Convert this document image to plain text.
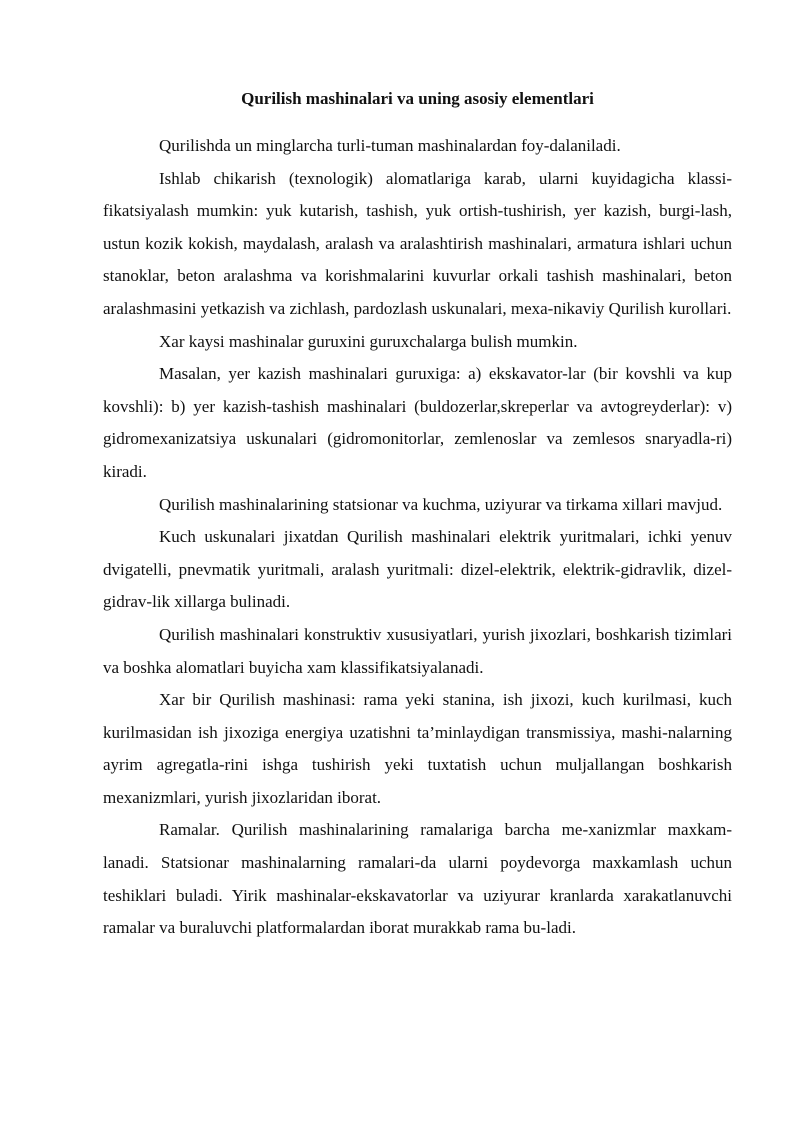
Qurilish mashinalari va uning asosiy elementlari

Qurilishda un minglarcha turli-tuman mashinalardan foy-dalaniladi.

Ishlab chikarish (texnologik) alomatlariga karab, ularni kuyidagicha klassi-fikatsiyalash mumkin: yuk kutarish, tashish, yuk ortish-tushirish, yer kazish, burgi-lash, ustun kozik kokish, maydalash, aralash va aralashtirish mashinalari, armatura ishlari uchun stanoklar, beton aralashma va korishmalarini kuvurlar orkali tashish mashinalari, beton aralashmasini yetkazish va zichlash, pardozlash uskunalari, mexa-nikaviy Qurilish kurollari.

Xar kaysi mashinalar guruxini guruxchalarga bulish mumkin.

Masalan, yer kazish mashinalari guruxiga: a) ekskavator-lar (bir kovshli va kup kovshli): b) yer kazish-tashish mashinalari (buldozerlar,skreperlar va avtogreyderlar): v) gidromexanizatsiya uskunalari (gidromonitorlar, zemlenoslar va zemlesos snaryadla-ri) kiradi.

Qurilish mashinalarining statsionar va kuchma, uziyurar va tirkama xillari mavjud.

Kuch uskunalari jixatdan Qurilish mashinalari elektrik yuritmalari, ichki yenuv dvigatelli, pnevmatik yuritmali, aralash yuritmali: dizel-elektrik, elektrik-gidravlik, dizel-gidrav-lik xillarga bulinadi.

Qurilish mashinalari konstruktiv xususiyatlari, yurish jixozlari, boshkarish tizimlari va boshka alomatlari buyicha xam klassifikatsiyalanadi.

Xar bir Qurilish mashinasi: rama yeki stanina, ish jixozi, kuch kurilmasi, kuch kurilmasidan ish jixoziga energiya uzatishni ta’minlaydigan transmissiya, mashi-nalarning ayrim agregatla-rini ishga tushirish yeki tuxtatish uchun muljallangan boshkarish mexanizmlari, yurish jixozlaridan iborat.

Ramalar. Qurilish mashinalarining ramalariga barcha me-xanizmlar maxkam-lanadi. Statsionar mashinalarning ramalari-da ularni poydevorga maxkamlash uchun teshiklari buladi. Yirik mashinalar-ekskavatorlar va uziyurar kranlarda xarakatlanuvchi ramalar va buraluvchi platformalardan iborat murakkab rama bu-ladi.
